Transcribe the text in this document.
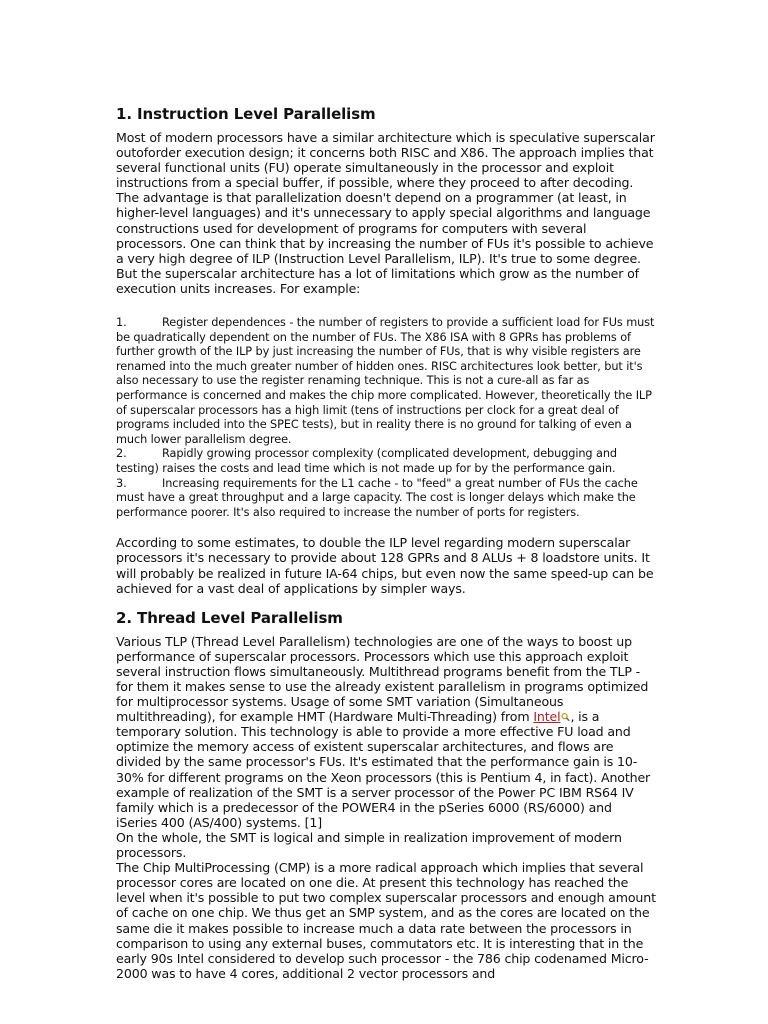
1. Instruction Level Parallelism

Most of modern processors have a similar architecture which is speculative superscalar outoforder execution design; it concerns both RISC and X86. The approach implies that several functional units (FU) operate simultaneously in the processor and exploit instructions from a special buffer, if possible, where they proceed to after decoding. The advantage is that parallelization doesn't depend on a programmer (at least, in higher-level languages) and it's unnecessary to apply special algorithms and language constructions used for development of programs for computers with several processors. One can think that by increasing the number of FUs it's possible to achieve a very high degree of ILP (Instruction Level Parallelism, ILP). It's true to some degree. But the superscalar architecture has a lot of limitations which grow as the number of execution units increases. For example:

1.	Register dependences - the number of registers to provide a sufficient load for FUs must be quadratically dependent on the number of FUs. The X86 ISA with 8 GPRs has problems of further growth of the ILP by just increasing the number of FUs, that is why visible registers are renamed into the much greater number of hidden ones. RISC architectures look better, but it's also necessary to use the register renaming technique. This is not a cure-all as far as performance is concerned and makes the chip more complicated. However, theoretically the ILP of superscalar processors has a high limit (tens of instructions per clock for a great deal of programs included into the SPEC tests), but in reality there is no ground for talking of even a much lower parallelism degree.

2.	Rapidly growing processor complexity (complicated development, debugging and testing) raises the costs and lead time which is not made up for by the performance gain.

3.	Increasing requirements for the L1 cache - to "feed" a great number of FUs the cache must have a great throughput and a large capacity. The cost is longer delays which make the performance poorer. It's also required to increase the number of ports for registers.

According to some estimates, to double the ILP level regarding modern superscalar processors it's necessary to provide about 128 GPRs and 8 ALUs + 8 loadstore units. It will probably be realized in future IA-64 chips, but even now the same speed-up can be achieved for a vast deal of applications by simpler ways.

2. Thread Level Parallelism

Various TLP (Thread Level Parallelism) technologies are one of the ways to boost up performance of superscalar processors. Processors which use this approach exploit several instruction flows simultaneously. Multithread programs benefit from the TLP - for them it makes sense to use the already existent parallelism in programs optimized for multiprocessor systems. Usage of some SMT variation (Simultaneous multithreading), for example HMT (Hardware Multi-Threading) from Intel , is a temporary solution. This technology is able to provide a more effective FU load and optimize the memory access of existent superscalar architectures, and flows are divided by the same processor's FUs. It's estimated that the performance gain is 10-30% for different programs on the Xeon processors (this is Pentium 4, in fact). Another example of realization of the SMT is a server processor of the Power PC IBM RS64 IV family which is a predecessor of the POWER4 in the pSeries 6000 (RS/6000) and iSeries 400 (AS/400) systems. [1]

On the whole, the SMT is logical and simple in realization improvement of modern processors.

The Chip MultiProcessing (CMP) is a more radical approach which implies that several processor cores are located on one die. At present this technology has reached the level when it's possible to put two complex superscalar processors and enough amount of cache on one chip. We thus get an SMP system, and as the cores are located on the same die it makes possible to increase much a data rate between the processors in comparison to using any external buses, commutators etc. It is interesting that in the early 90s Intel considered to develop such processor - the 786 chip codenamed Micro-2000 was to have 4 cores, additional 2 vector processors and
